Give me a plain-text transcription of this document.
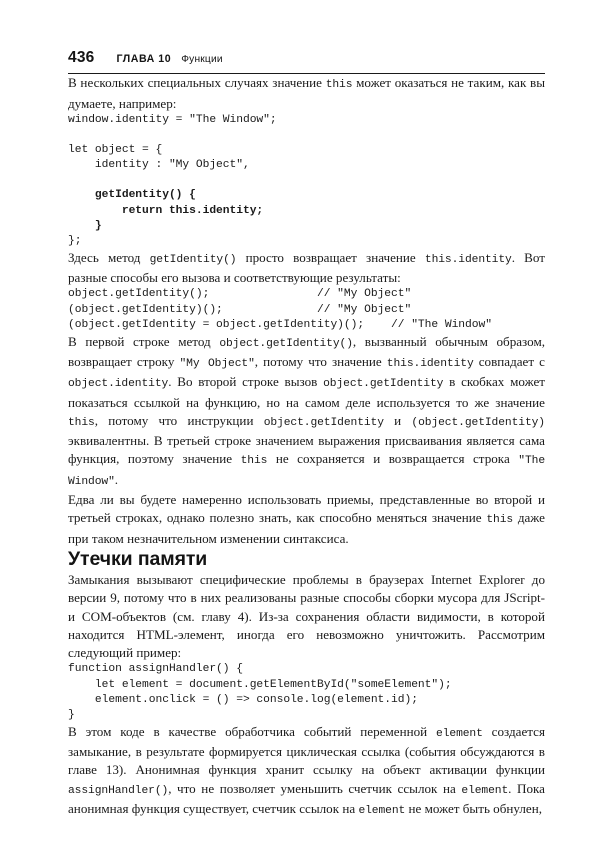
436 ГЛАВА 10 Функции

В нескольких специальных случаях значение this может оказаться не таким, как вы думаете, например:

window.identity = "The Window";

let object = {
identity : "My Object",

getIdentity() {
return this.identity;
}
};

Здесь метод getIdentity() просто возвращает значение this.identity. Вот разные способы его вызова и соответствующие результаты:

object.getIdentity();                // "My Object"
(object.getIdentity)();              // "My Object"
(object.getIdentity = object.getIdentity)();    // "The Window"

В первой строке метод object.getIdentity(), вызванный обычным образом, возвращает строку "My Object", потому что значение this.identity совпадает с object.identity. Во второй строке вызов object.getIdentity в скобках может показаться ссылкой на функцию, но на самом деле используется то же значение this, потому что инструкции object.getIdentity и (object.getIdentity) эквивалентны. В третьей строке значением выражения присваивания является сама функция, поэтому значение this не сохраняется и возвращается строка "The Window".

Едва ли вы будете намеренно использовать приемы, представленные во второй и третьей строках, однако полезно знать, как способно меняться значение this даже при таком незначительном изменении синтаксиса.

Утечки памяти

Замыкания вызывают специфические проблемы в браузерах Internet Explorer до версии 9, потому что в них реализованы разные способы сборки мусора для JScript- и COM-объектов (см. главу 4). Из-за сохранения области видимости, в которой находится HTML-элемент, иногда его невозможно уничтожить. Рассмотрим следующий пример:

function assignHandler() {
let element = document.getElementById("someElement");
element.onclick = () => console.log(element.id);
}

В этом коде в качестве обработчика событий переменной element создается замыкание, в результате формируется циклическая ссылка (события обсуждаются в главе 13). Анонимная функция хранит ссылку на объект активации функции assignHandler(), что не позволяет уменьшить счетчик ссылок на element. Пока анонимная функция существует, счетчик ссылок на element не может быть обнулен,
